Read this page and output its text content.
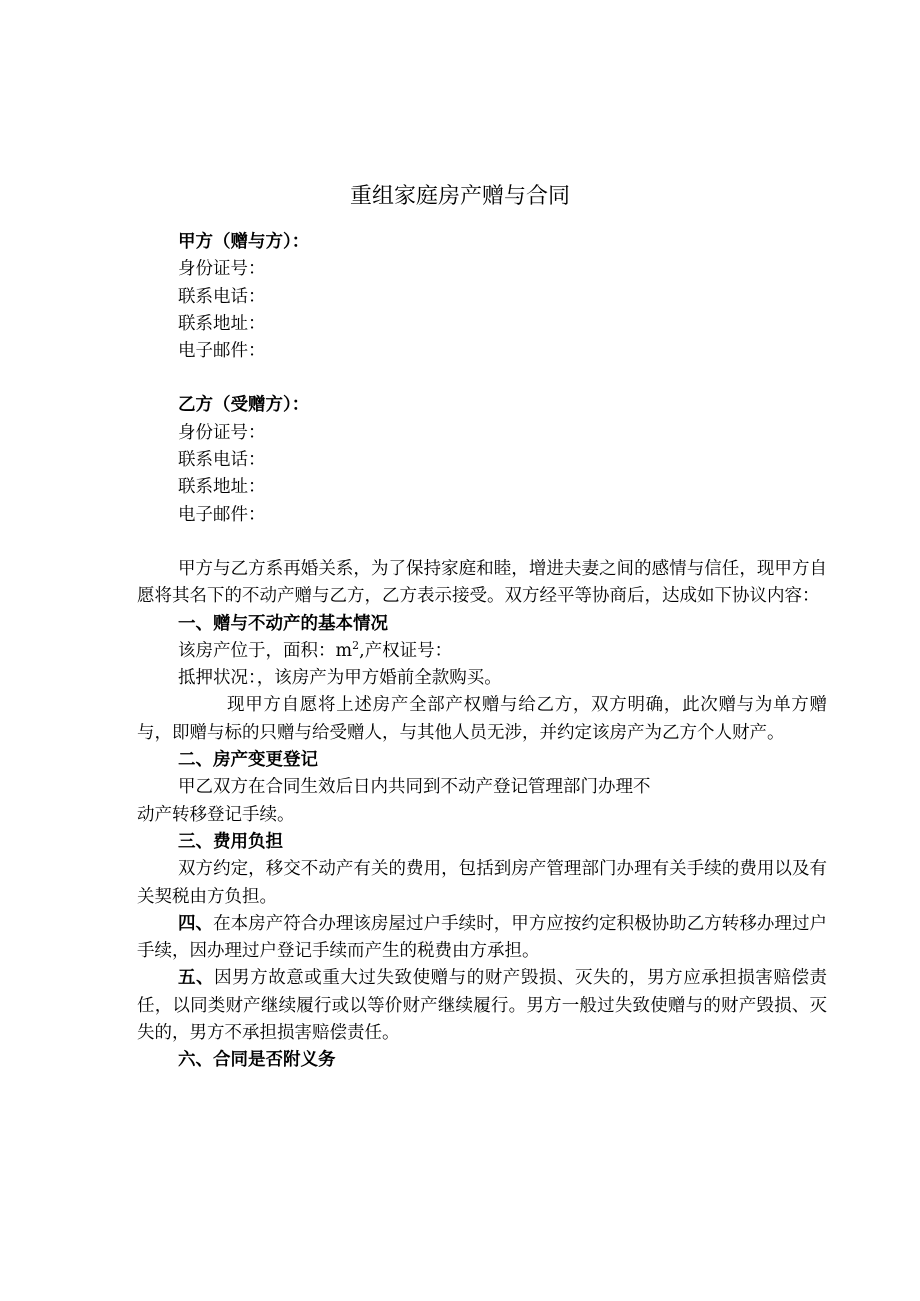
重组家庭房产赠与合同
甲方（赠与方）：
身份证号：
联系电话：
联系地址：
电子邮件：
乙方（受赠方）：
身份证号：
联系电话：
联系地址：
电子邮件：

甲方与乙方系再婚关系，为了保持家庭和睦，增进夫妻之间的感情与信任，现甲方自愿将其名下的不动产赠与乙方，乙方表示接受。双方经平等协商后，达成如下协议内容：

一、赠与不动产的基本情况
该房产位于，面积：$m^2$,产权证号：
抵押状况：，该房产为甲方婚前全款购买。

现甲方自愿将上述房产全部产权赠与给乙方，双方明确，此次赠与为单方赠与，即赠与标的只赠与给受赠人，与其他人员无涉，并约定该房产为乙方个人财产。

二、房产变更登记
甲乙双方在合同生效后日内共同到不动产登记管理部门办理不
动产转移登记手续。
三、费用负担

双方约定，移交不动产有关的费用，包括到房产管理部门办理有关手续的费用以及有关契税由方负担。

四、在本房产符合办理该房屋过户手续时，甲方应按约定积极协助乙方转移办理过户手续，因办理过户登记手续而产生的税费由方承担。

五、因男方故意或重大过失致使赠与的财产毁损、灭失的，男方应承担损害赔偿责任，以同类财产继续履行或以等价财产继续履行。男方一般过失致使赠与的财产毁损、灭失的，男方不承担损害赔偿责任。

六、合同是否附义务
